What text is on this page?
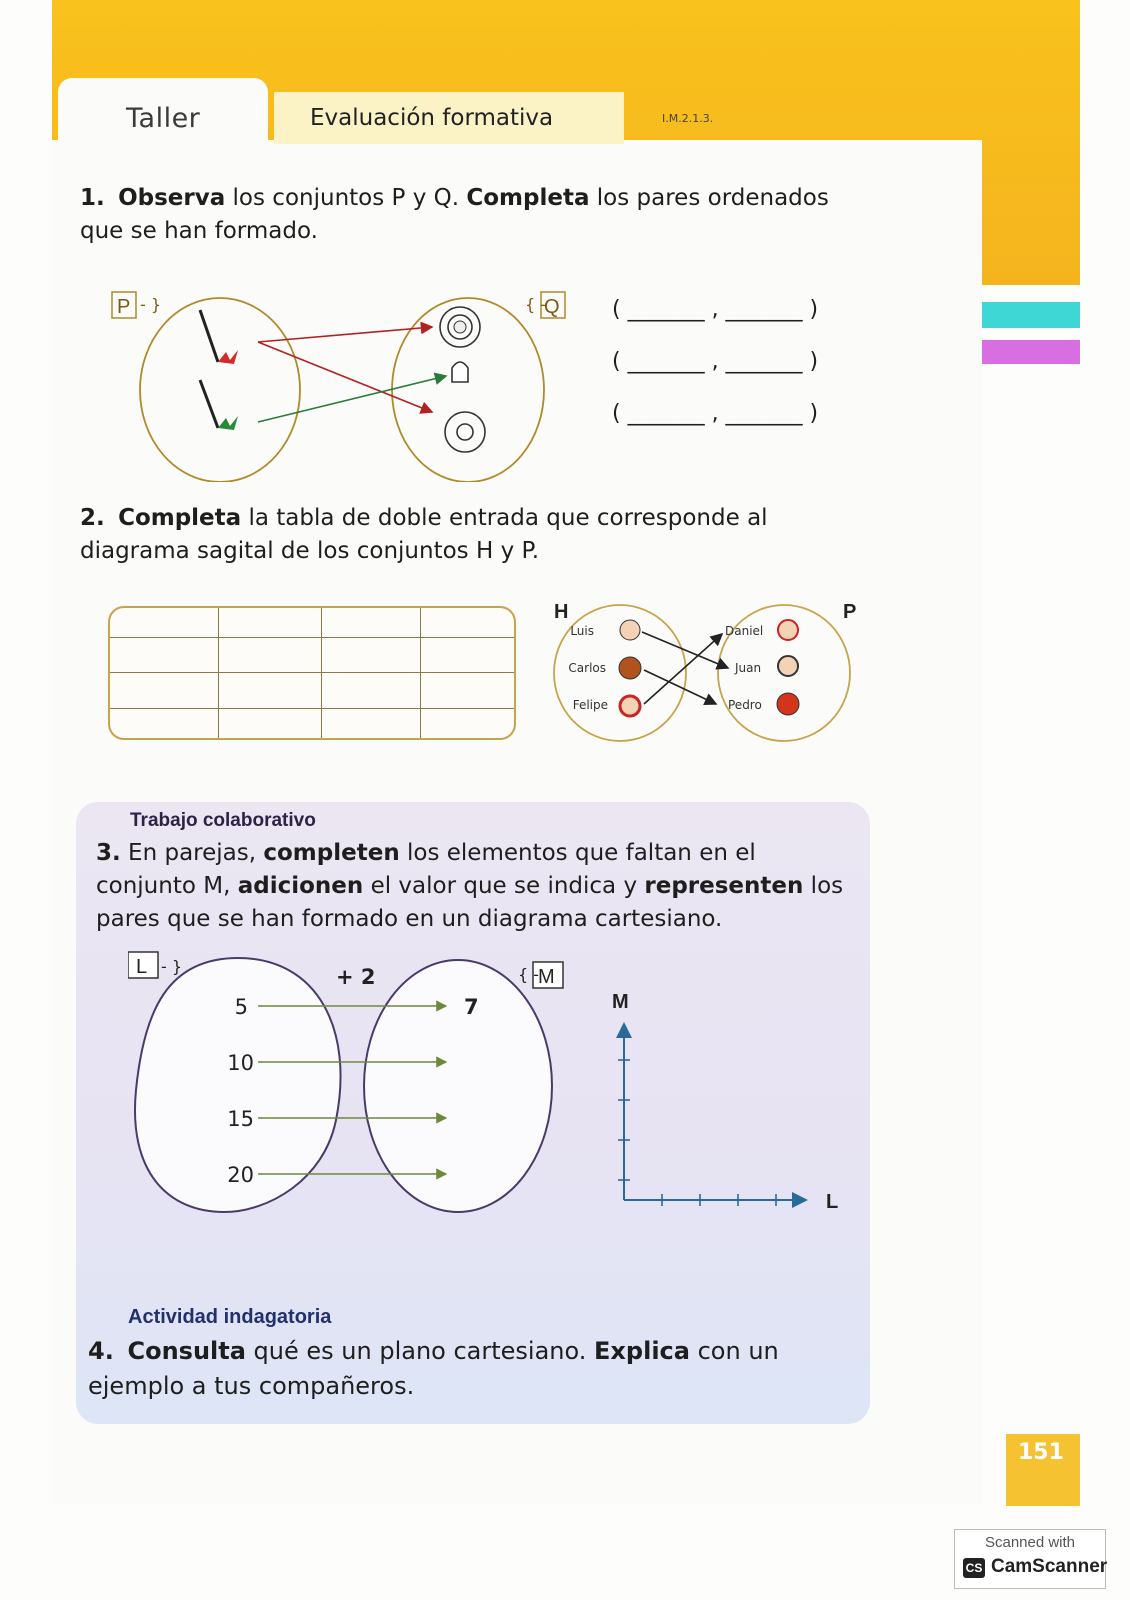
Taller	Evaluación formativa	I.M.2.1.3.
1. Observa los conjuntos P y Q. Completa los pares ordenados que se han formado.
P - }	Q
{ -	( _______ , _______ )
( _______ , _______ )
( _______ , _______ )
2. Completa la tabla de doble entrada que corresponde al diagrama sagital de los conjuntos H y P.

H	P
Luis
Carlos
Felipe
Daniel
Juan
Pedro
Trabajo colaborativo
3. En parejas, completen los elementos que faltan en el conjunto M, adicionen el valor que se indica y representen los pares que se han formado en un diagrama cartesiano.
L - }	M
{ -
+ 2
5
10
15
20
7	M
L
Actividad indagatoria
4. Consulta qué es un plano cartesiano. Explica con un ejemplo a tus compañeros.
151
Scanned with
CS CamScanner
